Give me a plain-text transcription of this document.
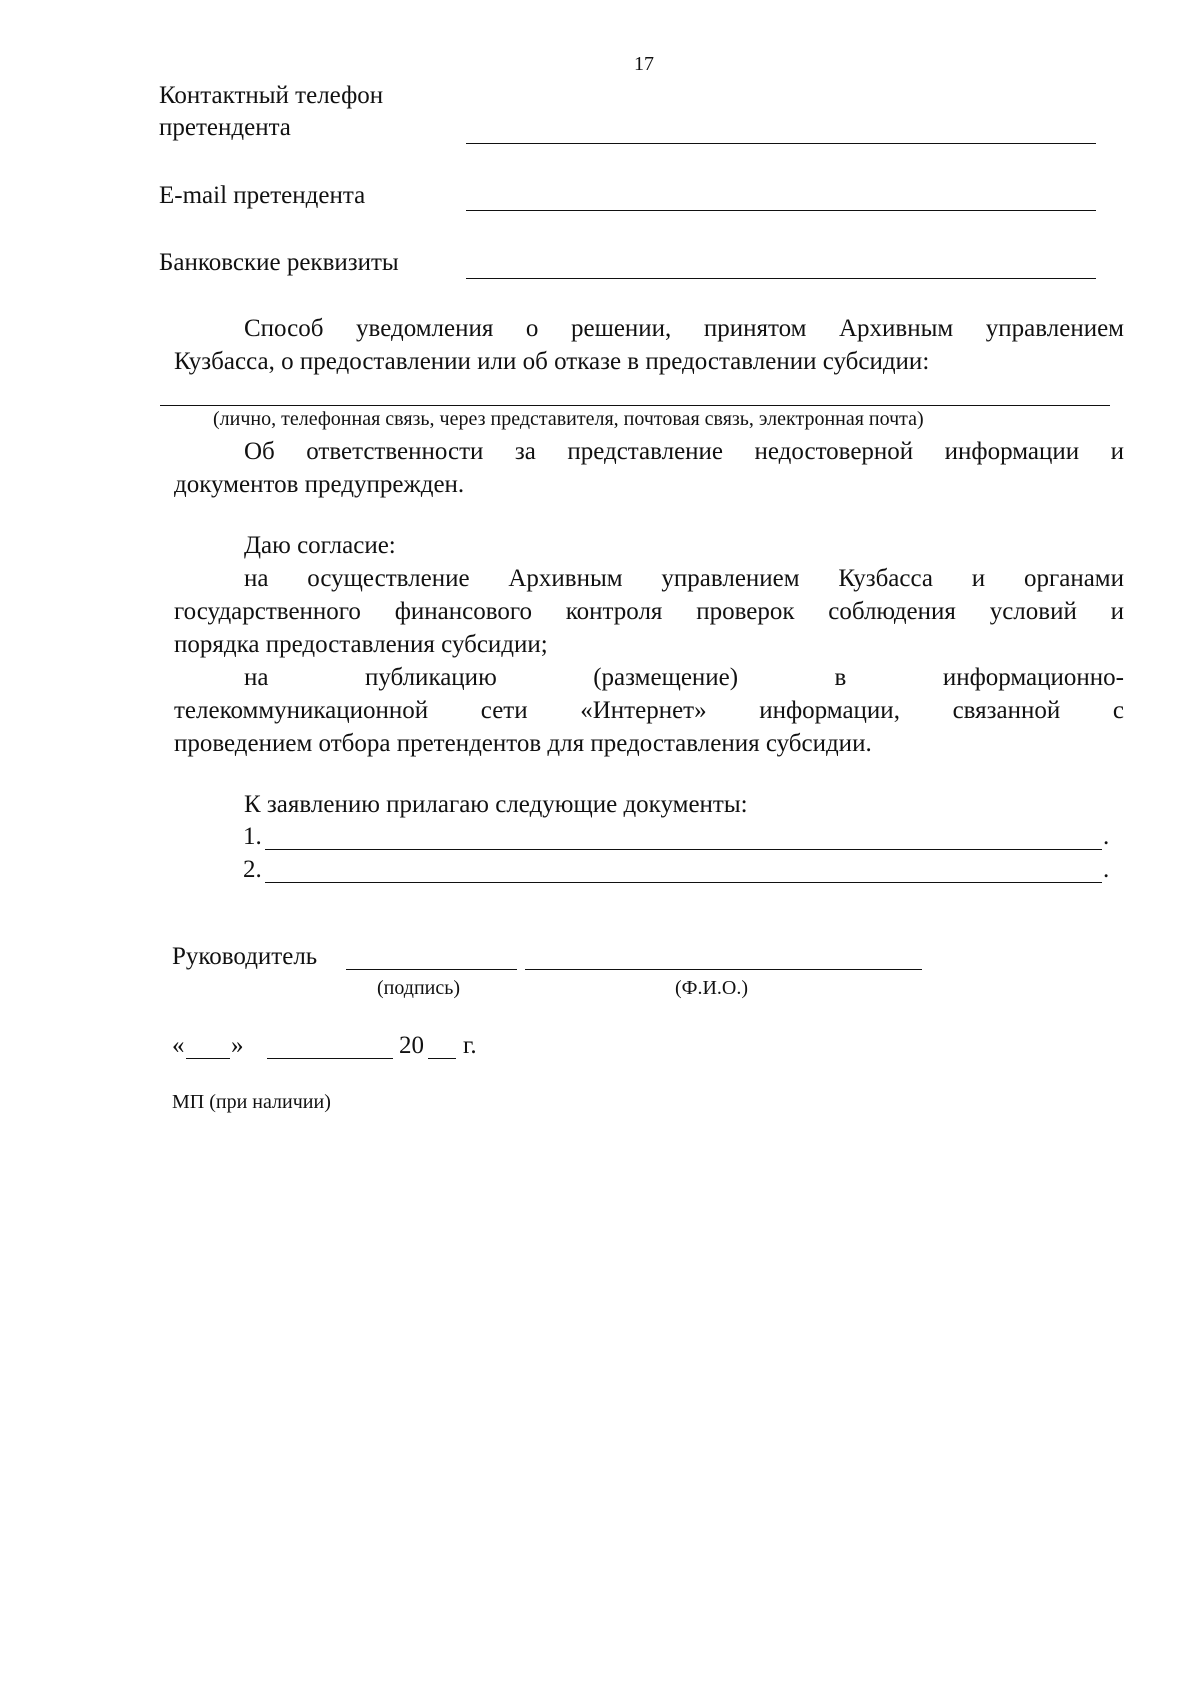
17
Контактный телефон
претендента
E-mail претендента
Банковские реквизиты
Способ уведомления о решении, принятом Архивным управлением
Кузбасса, о предоставлении или об отказе в предоставлении субсидии:
(лично, телефонная связь, через представителя, почтовая связь, электронная почта)
Об ответственности за представление недостоверной информации и
документов предупрежден.
Даю согласие:
на осуществление Архивным управлением Кузбасса и органами
государственного финансового контроля проверок соблюдения условий и
порядка предоставления субсидии;
на публикацию (размещение) в информационно-
телекоммуникационной сети «Интернет» информации, связанной с
проведением отбора претендентов для предоставления субсидии.
К заявлению прилагаю следующие документы:
1.	.
2.	.
Руководитель
(подпись)	(Ф.И.О.)
« »	20 г.
МП (при наличии)
